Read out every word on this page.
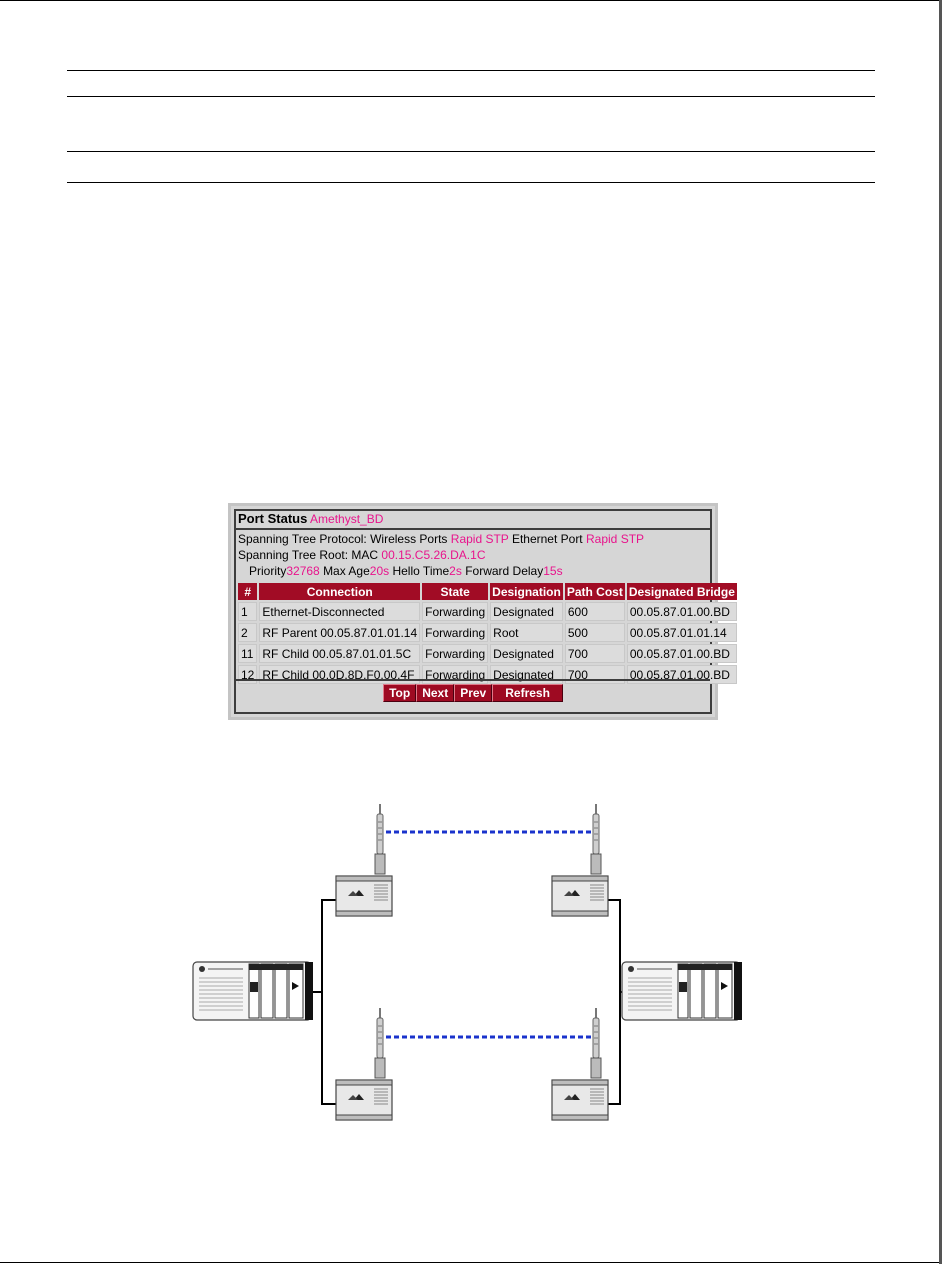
Port Status Amethyst_BD
Spanning Tree Protocol: Wireless Ports Rapid STP Ethernet Port Rapid STP
Spanning Tree Root: MAC 00.15.C5.26.DA.1C
Priority32768 Max Age20s Hello Time2s Forward Delay15s
#	Connection	State	Designation	Path Cost	Designated Bridge
1	Ethernet-Disconnected	Forwarding	Designated	600	00.05.87.01.00.BD
2	RF Parent 00.05.87.01.01.14	Forwarding	Root	500	00.05.87.01.01.14
11	RF Child 00.05.87.01.01.5C	Forwarding	Designated	700	00.05.87.01.00.BD
12	RF Child 00.0D.8D.F0.00.4F	Forwarding	Designated	700	00.05.87.01.00.BD
Top Next Prev Refresh
